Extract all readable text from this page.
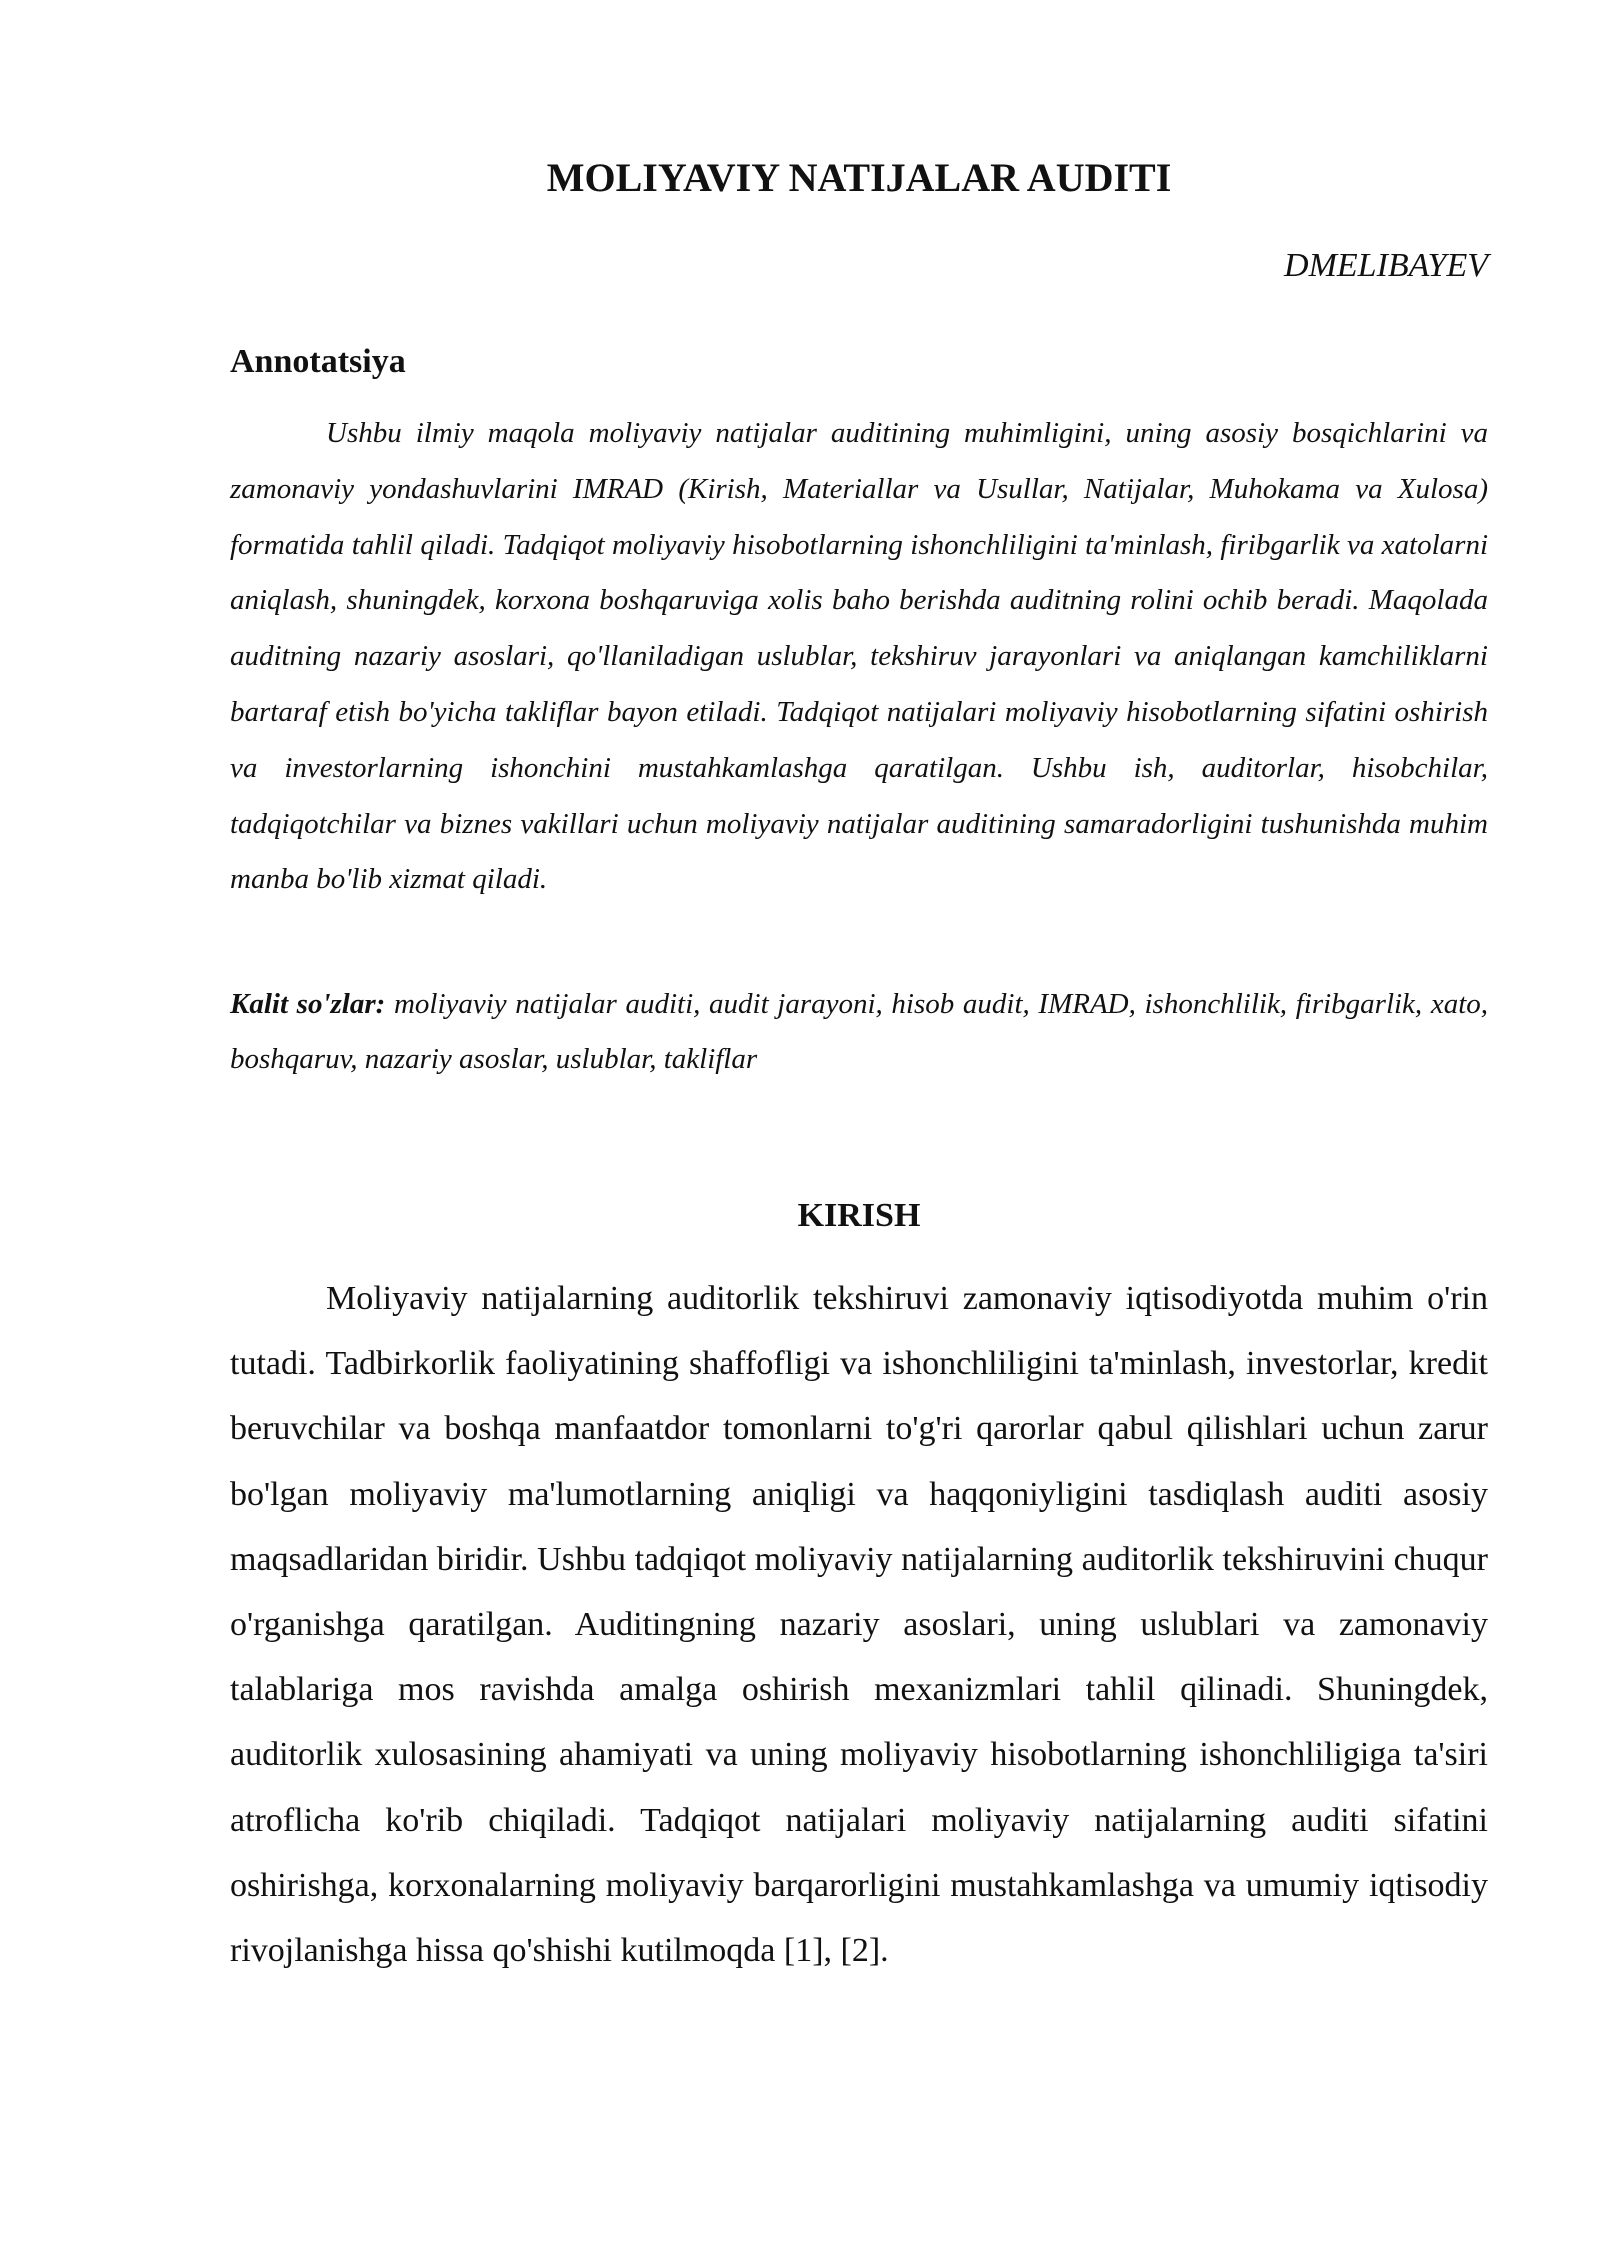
MOLIYAVIY NATIJALAR AUDITI

DMELIBAYEV

Annotatsiya

Ushbu ilmiy maqola moliyaviy natijalar auditining muhimligini, uning asosiy bosqichlarini va zamonaviy yondashuvlarini IMRAD (Kirish, Materiallar va Usullar, Natijalar, Muhokama va Xulosa) formatida tahlil qiladi. Tadqiqot moliyaviy hisobotlarning ishonchliligini ta'minlash, firibgarlik va xatolarni aniqlash, shuningdek, korxona boshqaruviga xolis baho berishda auditning rolini ochib beradi. Maqolada auditning nazariy asoslari, qo'llaniladigan uslublar, tekshiruv jarayonlari va aniqlangan kamchiliklarni bartaraf etish bo'yicha takliflar bayon etiladi. Tadqiqot natijalari moliyaviy hisobotlarning sifatini oshirish va investorlarning ishonchini mustahkamlashga qaratilgan. Ushbu ish, auditorlar, hisobchilar, tadqiqotchilar va biznes vakillari uchun moliyaviy natijalar auditining samaradorligini tushunishda muhim manba bo'lib xizmat qiladi.

Kalit so'zlar: moliyaviy natijalar auditi, audit jarayoni, hisob audit, IMRAD, ishonchlilik, firibgarlik, xato, boshqaruv, nazariy asoslar, uslublar, takliflar

KIRISH

Moliyaviy natijalarning auditorlik tekshiruvi zamonaviy iqtisodiyotda muhim o'rin tutadi. Tadbirkorlik faoliyatining shaffofligi va ishonchliligini ta'minlash, investorlar, kredit beruvchilar va boshqa manfaatdor tomonlarni to'g'ri qarorlar qabul qilishlari uchun zarur bo'lgan moliyaviy ma'lumotlarning aniqligi va haqqoniyligini tasdiqlash auditi asosiy maqsadlaridan biridir. Ushbu tadqiqot moliyaviy natijalarning auditorlik tekshiruvini chuqur o'rganishga qaratilgan. Auditingning nazariy asoslari, uning uslublari va zamonaviy talablariga mos ravishda amalga oshirish mexanizmlari tahlil qilinadi. Shuningdek, auditorlik xulosasining ahamiyati va uning moliyaviy hisobotlarning ishonchliligiga ta'siri atroflicha ko'rib chiqiladi. Tadqiqot natijalari moliyaviy natijalarning auditi sifatini oshirishga, korxonalarning moliyaviy barqarorligini mustahkamlashga va umumiy iqtisodiy rivojlanishga hissa qo'shishi kutilmoqda [1], [2].
